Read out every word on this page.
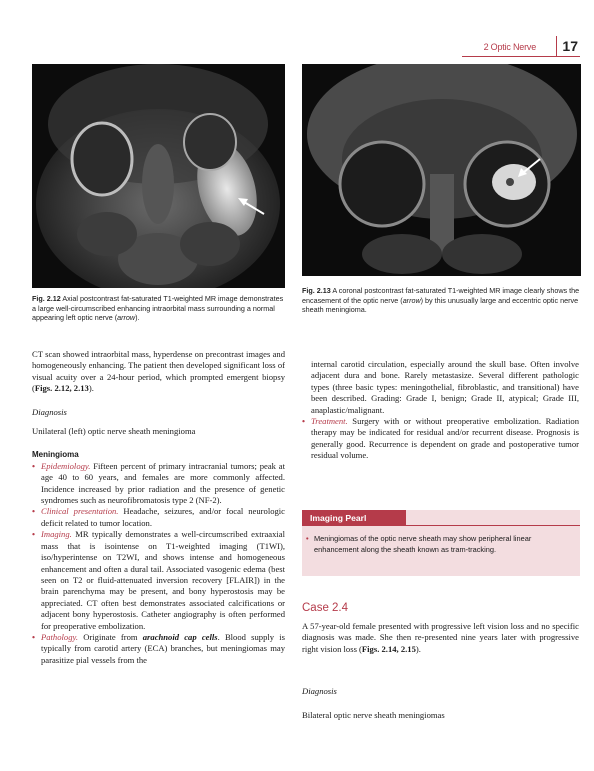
2 Optic Nerve 17
Fig. 2.12 Axial postcontrast fat-saturated T1-weighted MR image demonstrates a large well-circumscribed enhancing intraorbital mass surrounding a normal appearing left optic nerve (arrow).
Fig. 2.13 A coronal postcontrast fat-saturated T1-weighted MR image clearly shows the encasement of the optic nerve (arrow) by this unusually large and eccentric optic nerve sheath meningioma.

CT scan showed intraorbital mass, hyperdense on precontrast images and homogeneously enhancing. The patient then developed significant loss of visual acuity over a 24-hour period, which prompted emergent biopsy (Figs. 2.12, 2.13).

Diagnosis

Unilateral (left) optic nerve sheath meningioma

Meningioma

• Epidemiology. Fifteen percent of primary intracranial tumors; peak at age 40 to 60 years, and females are more commonly affected. Incidence increased by prior radiation and the presence of genetic syndromes such as neurofibromatosis type 2 (NF-2).
• Clinical presentation. Headache, seizures, and/or focal neurologic deficit related to tumor location.
• Imaging. MR typically demonstrates a well-circumscribed extraaxial mass that is isointense on T1-weighted imaging (T1WI), iso/hyperintense on T2WI, and shows intense and homogeneous enhancement and often a dural tail. Associated vasogenic edema (best seen on T2 or fluid-attenuated inversion recovery [FLAIR]) in the brain parenchyma may be present, and bony hyperostosis may be appreciated. CT often best demonstrates associated calcifications or adjacent bony hyperostosis. Catheter angiography is often performed for preoperative embolization.
• Pathology. Originate from arachnoid cap cells. Blood supply is typically from carotid artery (ECA) branches, but meningiomas may parasitize pial vessels from the

internal carotid circulation, especially around the skull base. Often involve adjacent dura and bone. Rarely metastasize. Several different pathologic types (three basic types: meningothelial, fibroblastic, and transitional) have been described. Grading: Grade I, benign; Grade II, atypical; Grade III, anaplastic/malignant.

• Treatment. Surgery with or without preoperative embolization. Radiation therapy may be indicated for residual and/or recurrent disease. Prognosis is generally good. Recurrence is dependent on grade and postoperative tumor residual volume.
Imaging Pearl
• Meningiomas of the optic nerve sheath may show peripheral linear enhancement along the sheath known as tram-tracking.
Case 2.4
A 57-year-old female presented with progressive left vision loss and no specific diagnosis was made. She then re-presented nine years later with progressive right vision loss (Figs. 2.14, 2.15).
Diagnosis
Bilateral optic nerve sheath meningiomas
